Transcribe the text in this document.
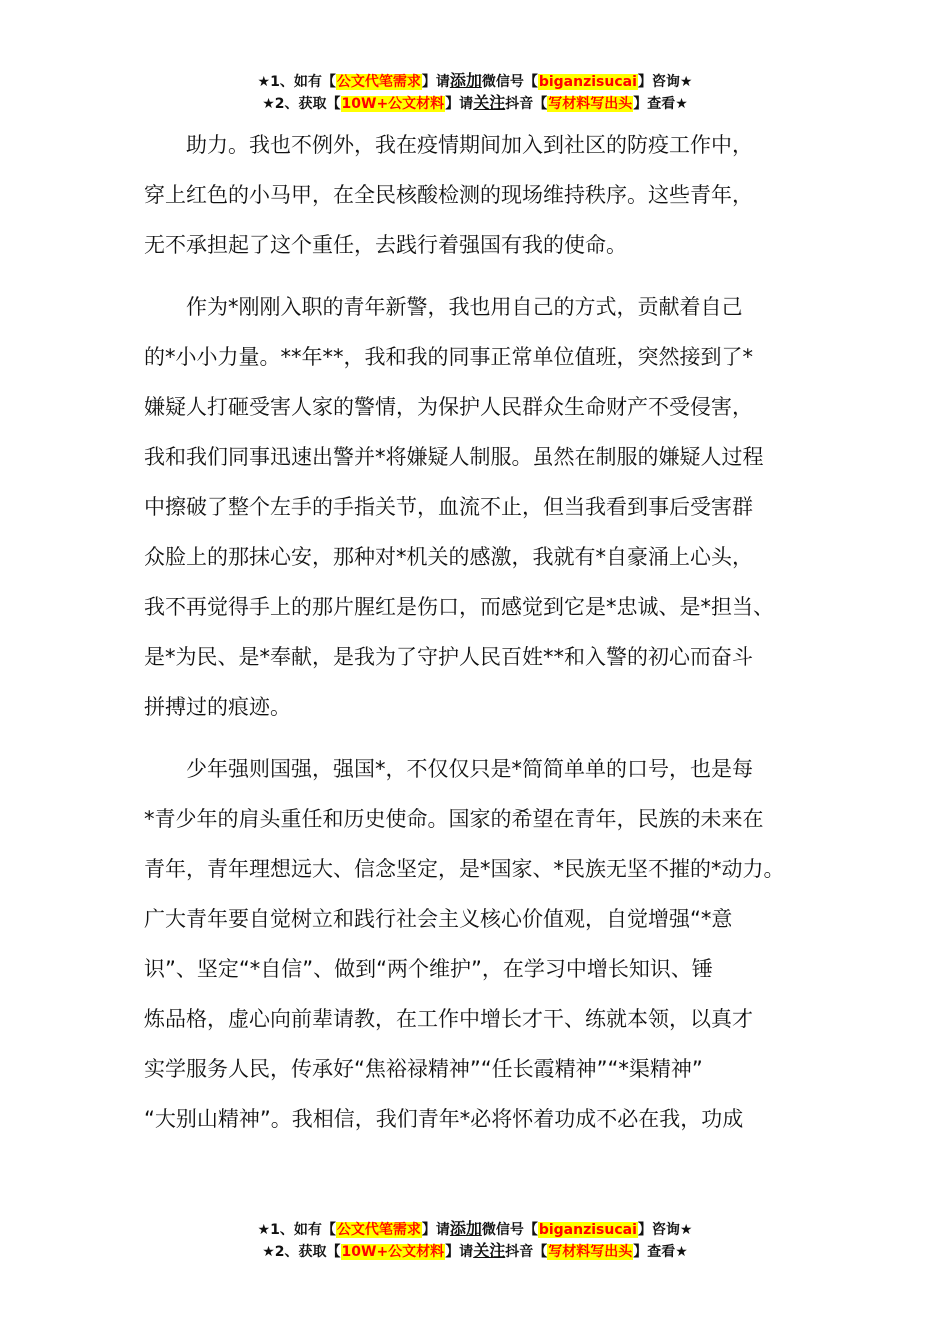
★1、如有【公文代笔需求】请添加微信号【biganzisucai】咨询★
★2、获取【10W+公文材料】请关注抖音【写材料写出头】查看★
　　助力。我也不例外，我在疫情期间加入到社区的防疫工作中，
穿上红色的小马甲，在全民核酸检测的现场维持秩序。这些青年，
无不承担起了这个重任，去践行着强国有我的使命。
　　作为*刚刚入职的青年新警，我也用自己的方式，贡献着自己
的*小小力量。**年**，我和我的同事正常单位值班，突然接到了*
嫌疑人打砸受害人家的警情，为保护人民群众生命财产不受侵害，
我和我们同事迅速出警并*将嫌疑人制服。虽然在制服的嫌疑人过程
中擦破了整个左手的手指关节，血流不止，但当我看到事后受害群
众脸上的那抹心安，那种对*机关的感激，我就有*自豪涌上心头，
我不再觉得手上的那片腥红是伤口，而感觉到它是*忠诚、是*担当、
是*为民、是*奉献，是我为了守护人民百姓**和入警的初心而奋斗
拼搏过的痕迹。
　　少年强则国强，强国*，不仅仅只是*简简单单的口号，也是每
*青少年的肩头重任和历史使命。国家的希望在青年，民族的未来在
青年，青年理想远大、信念坚定，是*国家、*民族无坚不摧的*动力。
广大青年要自觉树立和践行社会主义核心价值观，自觉增强“*意
识”、坚定“*自信”、做到“两个维护”，在学习中增长知识、锤
炼品格，虚心向前辈请教，在工作中增长才干、练就本领，以真才
实学服务人民，传承好“焦裕禄精神”“任长霞精神”“*渠精神”
“大别山精神”。我相信，我们青年*必将怀着功成不必在我，功成
★1、如有【公文代笔需求】请添加微信号【biganzisucai】咨询★
★2、获取【10W+公文材料】请关注抖音【写材料写出头】查看★
